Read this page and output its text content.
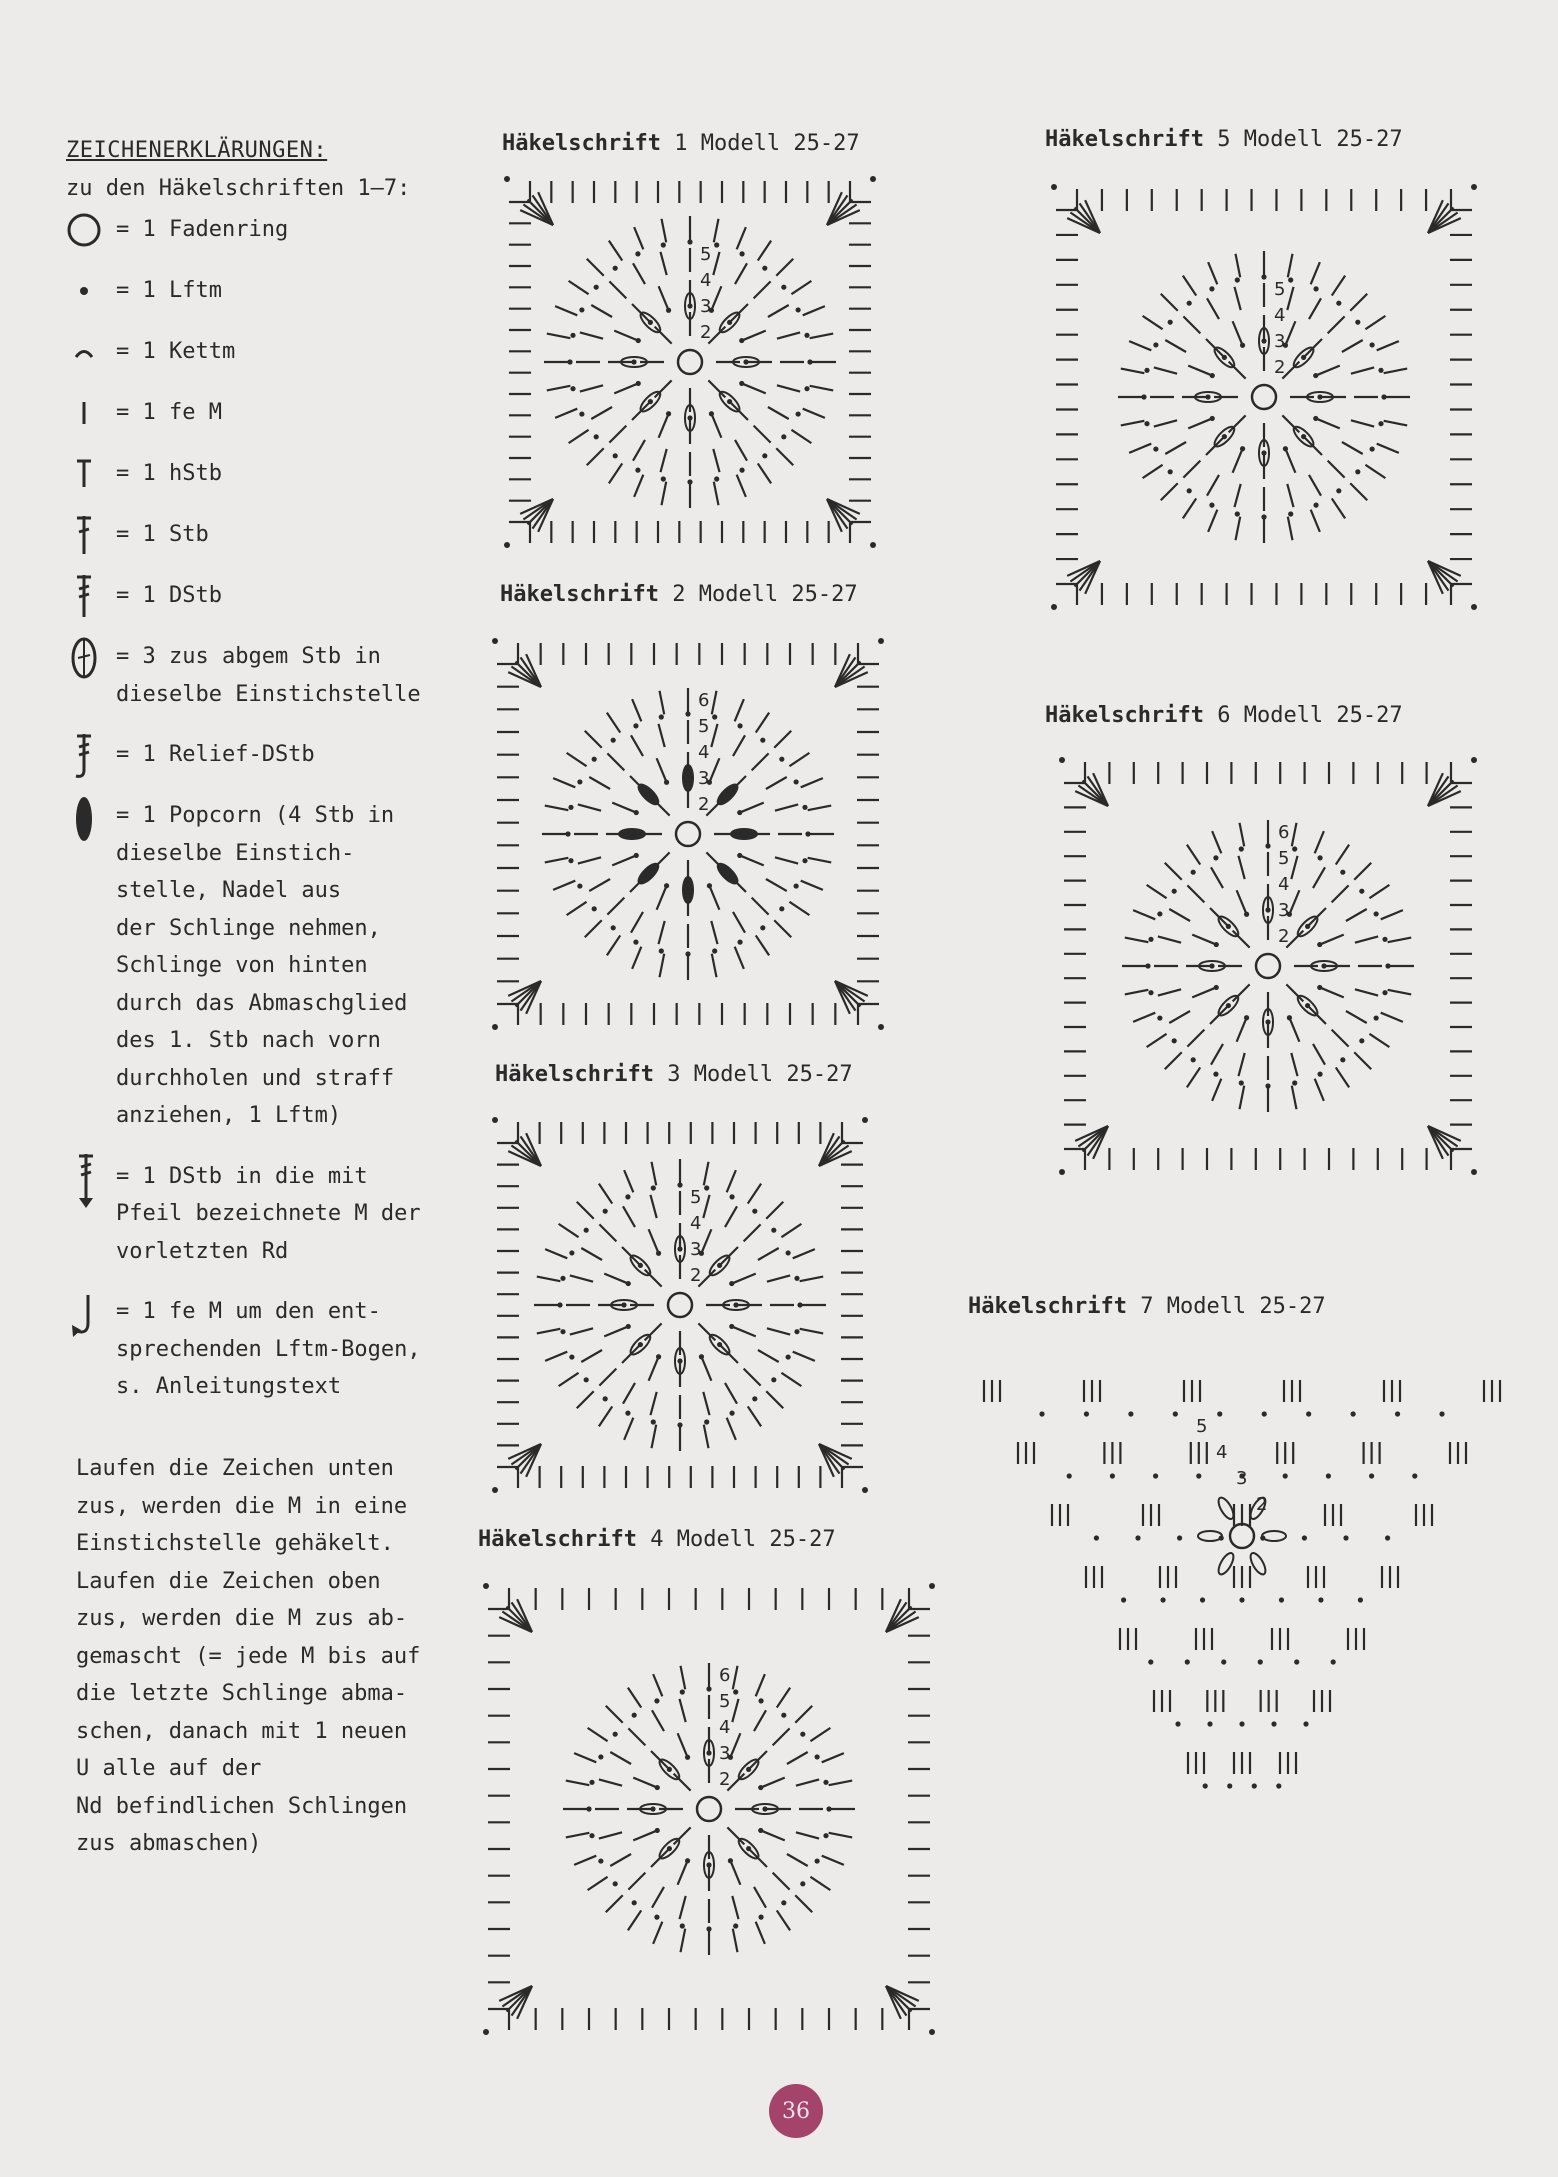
ZEICHENERKLÄRUNGEN:
zu den Häkelschriften 1–7:
= 1 Fadenring
= 1 Lftm
= 1 Kettm
= 1 fe M
= 1 hStb
= 1 Stb
= 1 DStb
= 3 zus abgem Stb in
dieselbe Einstichstelle
= 1 Relief-DStb
= 1 Popcorn (4 Stb in
dieselbe Einstich-
stelle, Nadel aus
der Schlinge nehmen,
Schlinge von hinten
durch das Abmaschglied
des 1. Stb nach vorn
durchholen und straff
anziehen, 1 Lftm)
= 1 DStb in die mit
Pfeil bezeichnete M der
vorletzten Rd
= 1 fe M um den ent-
sprechenden Lftm-Bogen,
s. Anleitungstext
Laufen die Zeichen unten
zus, werden die M in eine
Einstichstelle gehäkelt.
Laufen die Zeichen oben
zus, werden die M zus ab-
gemascht (= jede M bis auf
die letzte Schlinge abma-
schen, danach mit 1 neuen
U alle auf der
Nd befindlichen Schlingen
zus abmaschen)
Häkelschrift 1 Modell 25-27
Häkelschrift 2 Modell 25-27
Häkelschrift 3 Modell 25-27
Häkelschrift 4 Modell 25-27
Häkelschrift 5 Modell 25-27
Häkelschrift 6 Modell 25-27
Häkelschrift 7 Modell 25-27
2
3
4
5
2
3
4
5
6
2
3
4
5
2
3
4
5
6
2
3
4
5
2
3
4
5
6
2
3
4
5
36
